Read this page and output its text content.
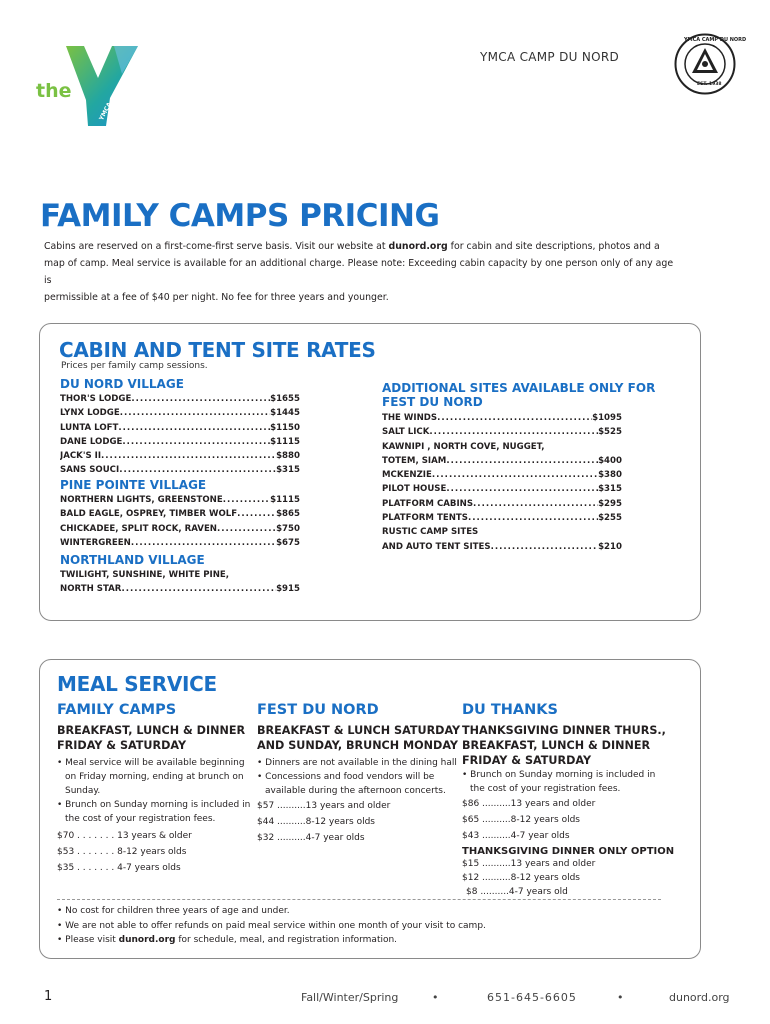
the
YMCA
YMCA CAMP DU NORD
YMCA CAMP DU NORD
EST. 1938
FAMILY CAMPS PRICING
Cabins are reserved on a first-come-first serve basis. Visit our website at dunord.org for cabin and site descriptions, photos and a
map of camp. Meal service is available for an additional charge. Please note: Exceeding cabin capacity by one person only of any age is
permissible at a fee of $40 per night. No fee for three years and younger.
CABIN AND TENT SITE RATES
Prices per family camp sessions.
DU NORD VILLAGE
THOR'S LODGE .....	$1655
LYNX LODGE .....	$1445
LUNTA LOFT .....	$1150
DANE LODGE .....	$1115
JACK'S II .....	$880
SANS SOUCI .....	$315
PINE POINTE VILLAGE
NORTHERN LIGHTS, GREENSTONE .....	$1115
BALD EAGLE, OSPREY, TIMBER WOLF .....	$865
CHICKADEE, SPLIT ROCK, RAVEN .....	$750
WINTERGREEN .....	$675
NORTHLAND VILLAGE
TWILIGHT, SUNSHINE, WHITE PINE,
NORTH STAR .....	$915
ADDITIONAL SITES AVAILABLE ONLY FOR
FEST DU NORD
THE WINDS .....	$1095
SALT LICK .....	$525
KAWNIPI , NORTH COVE, NUGGET,
TOTEM, SIAM .....	$400
MCKENZIE .....	$380
PILOT HOUSE .....	$315
PLATFORM CABINS .....	$295
PLATFORM TENTS .....	$255
RUSTIC CAMP SITES
AND AUTO TENT SITES .....	$210
MEAL SERVICE
FAMILY CAMPS
BREAKFAST, LUNCH & DINNER
FRIDAY & SATURDAY
• Meal service will be available beginning
on Friday morning, ending at brunch on
Sunday.
• Brunch on Sunday morning is included in
the cost of your registration fees.
$70 . . . . . . . 13 years & older
$53 . . . . . . . 8-12 years olds
$35 . . . . . . . 4-7 years olds
FEST DU NORD
BREAKFAST & LUNCH SATURDAY
AND SUNDAY, BRUNCH MONDAY
• Dinners are not available in the dining hall
• Concessions and food vendors will be
available during the afternoon concerts.
$57 ..........13 years and older
$44 ..........8-12 years olds
$32 ..........4-7 year olds
DU THANKS
THANKSGIVING DINNER THURS.,
BREAKFAST, LUNCH & DINNER
FRIDAY & SATURDAY
• Brunch on Sunday morning is included in
the cost of your registration fees.
$86 ..........13 years and older
$65 ..........8-12 years olds
$43 ..........4-7 year olds
THANKSGIVING DINNER ONLY OPTION
$15 ..........13 years and older
$12 ..........8-12 years olds
$8 ..........4-7 years old
• No cost for children three years of age and under.
• We are not able to offer refunds on paid meal service within one month of your visit to camp.
• Please visit dunord.org for schedule, meal, and registration information.
1	Fall/Winter/Spring	•	651-645-6605	•	dunord.org
